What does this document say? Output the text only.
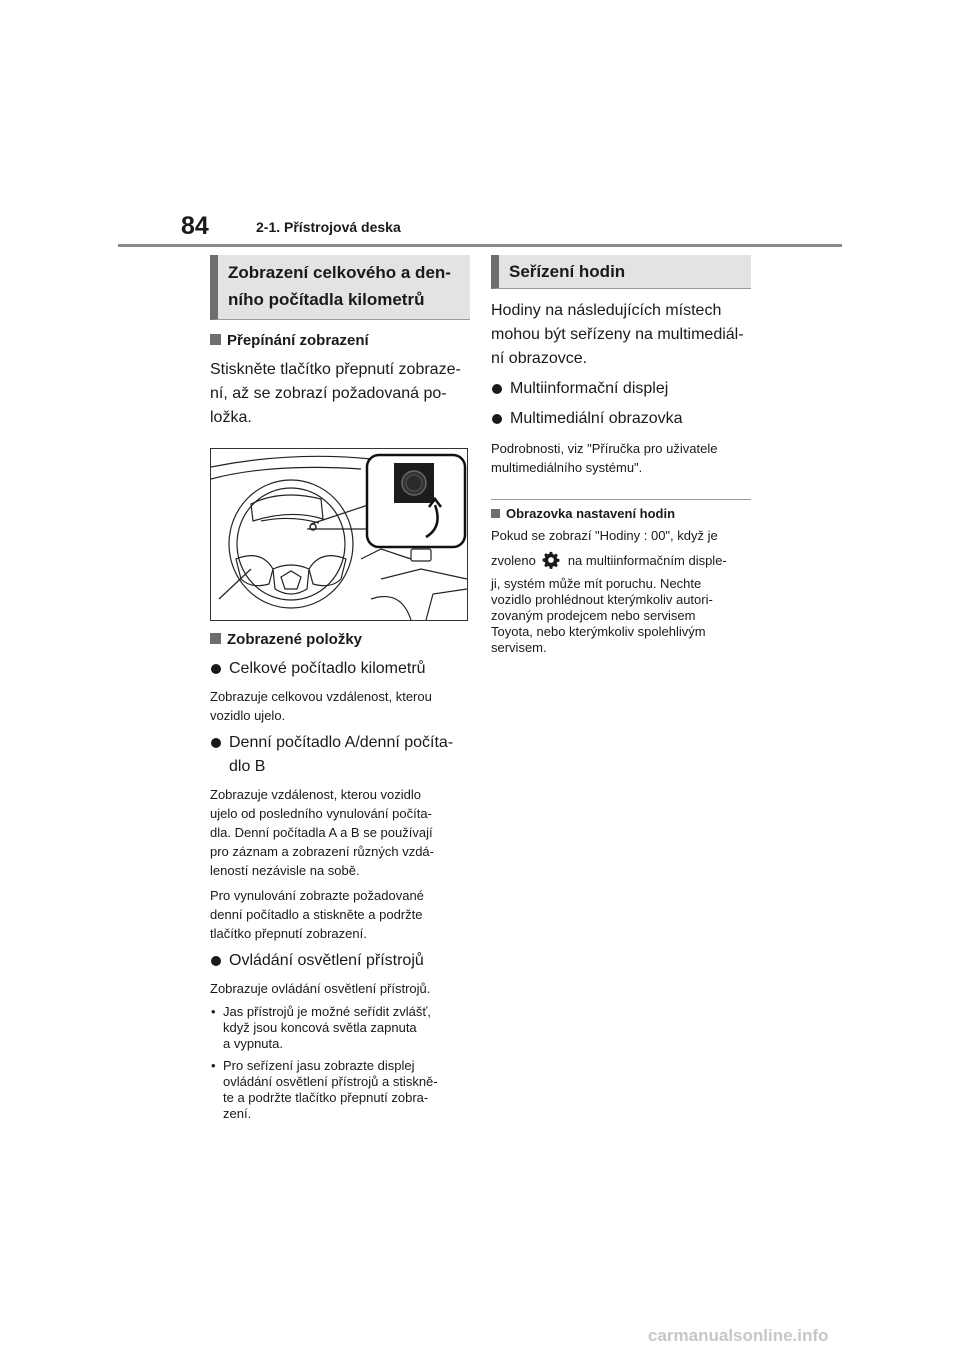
84	2-1. Přístrojová deska
Zobrazení celkového a den-
ního počítadla kilometrů
Přepínání zobrazení
Stiskněte tlačítko přepnutí zobraze-
ní, až se zobrazí požadovaná po-
ložka.
Zobrazené položky
Celkové počítadlo kilometrů
Zobrazuje celkovou vzdálenost, kterou
vozidlo ujelo.
Denní počítadlo A/denní počíta-
dlo B
Zobrazuje vzdálenost, kterou vozidlo
ujelo od posledního vynulování počíta-
dla. Denní počítadla A a B se používají
pro záznam a zobrazení různých vzdá-
leností nezávisle na sobě.
Pro vynulování zobrazte požadované
denní počítadlo a stiskněte a podržte
tlačítko přepnutí zobrazení.
Ovládání osvětlení přístrojů
Zobrazuje ovládání osvětlení přístrojů.
• Jas přístrojů je možné seřídit zvlášť,
když jsou koncová světla zapnuta
a vypnuta.
• Pro seřízení jasu zobrazte displej
ovládání osvětlení přístrojů a stiskně-
te a podržte tlačítko přepnutí zobra-
zení.
Seřízení hodin
Hodiny na následujících místech
mohou být seřízeny na multimediál-
ní obrazovce.
Multiinformační displej
Multimediální obrazovka
Podrobnosti, viz "Příručka pro uživatele
multimediálního systému".
Obrazovka nastavení hodin
Pokud se zobrazí "Hodiny : 00", když je
zvoleno na multiinformačním disple-
ji, systém může mít poruchu. Nechte
vozidlo prohlédnout kterýmkoliv autori-
zovaným prodejcem nebo servisem
Toyota, nebo kterýmkoliv spolehlivým
servisem.
carmanualsonline.info
